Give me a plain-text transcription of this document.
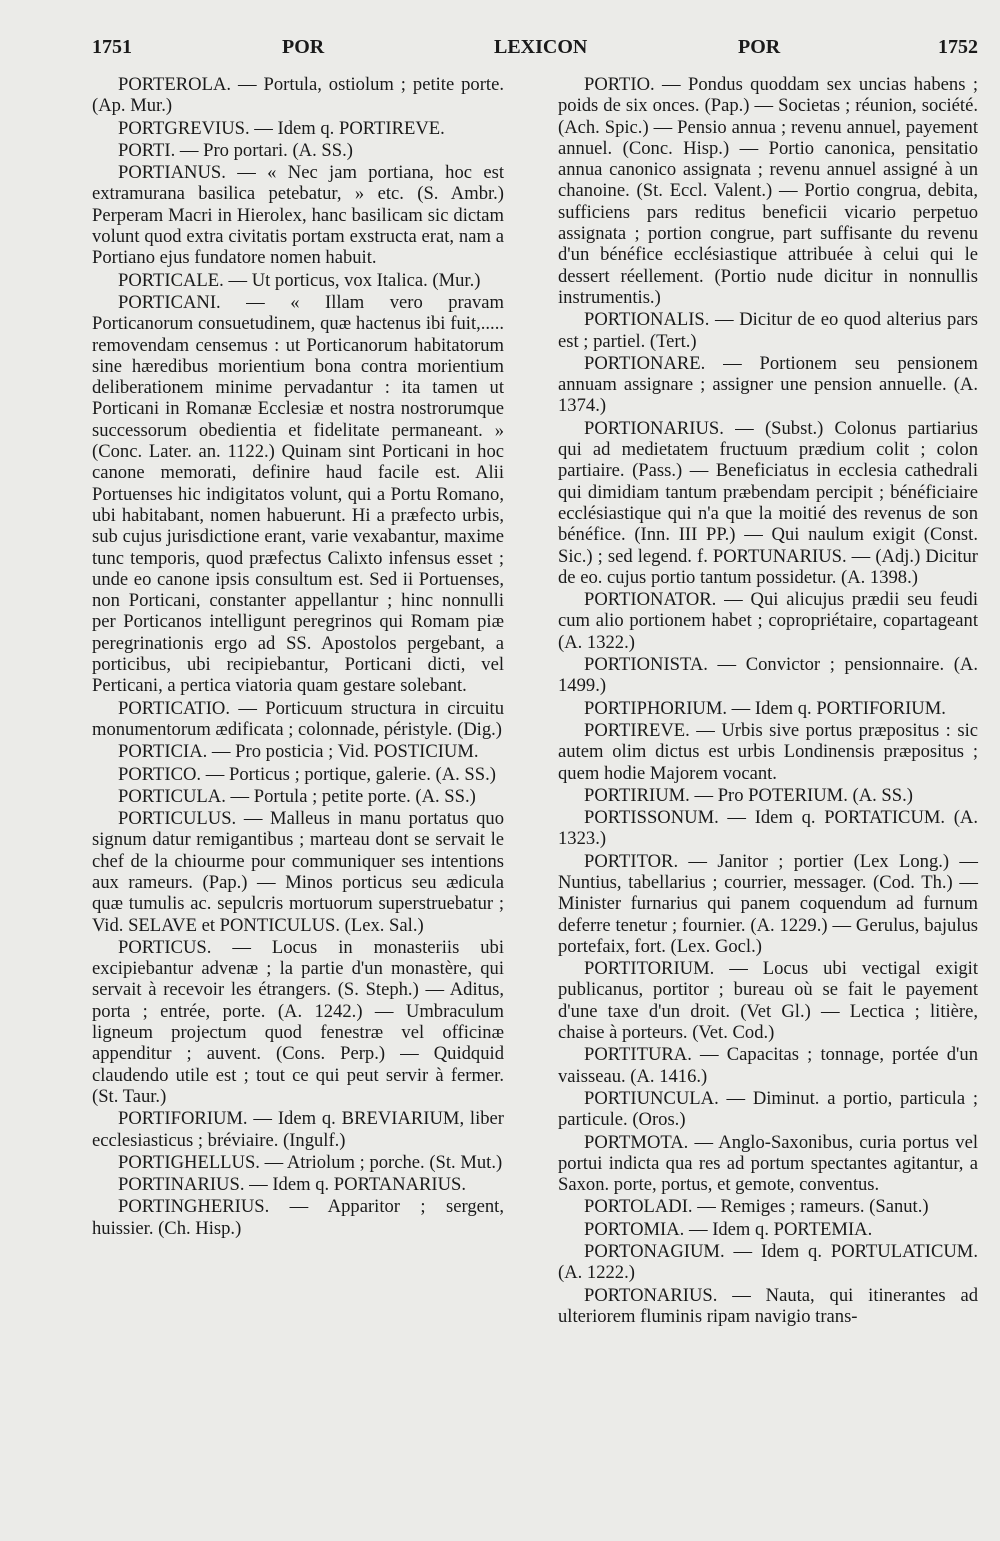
1751	POR	LEXICON	POR	1752

PORTEROLA. — Portula, ostiolum ; petite porte. (Ap. Mur.)

PORTGREVIUS. — Idem q. PORTIREVE.

PORTI. — Pro portari. (A. SS.)

PORTIANUS. — « Nec jam portiana, hoc est extramurana basilica petebatur, » etc. (S. Ambr.) Perperam Macri in Hierolex, hanc basilicam sic dictam volunt quod extra civitatis portam exstructa erat, nam a Portiano ejus fundatore nomen habuit.

PORTICALE. — Ut porticus, vox Italica. (Mur.)

PORTICANI. — « Illam vero pravam Porticanorum consuetudinem, quæ hactenus ibi fuit,..... removendam censemus : ut Porticanorum habitatorum sine hæredibus morientium bona contra morientium deliberationem minime pervadantur : ita tamen ut Porticani in Romanæ Ecclesiæ et nostra nostrorumque successorum obedientia et fidelitate permaneant. » (Conc. Later. an. 1122.) Quinam sint Porticani in hoc canone memorati, definire haud facile est. Alii Portuenses hic indigitatos volunt, qui a Portu Romano, ubi habitabant, nomen habuerunt. Hi a præfecto urbis, sub cujus jurisdictione erant, varie vexabantur, maxime tunc temporis, quod præfectus Calixto infensus esset ; unde eo canone ipsis consultum est. Sed ii Portuenses, non Porticani, constanter appellantur ; hinc nonnulli per Porticanos intelligunt peregrinos qui Romam piæ peregrinationis ergo ad SS. Apostolos pergebant, a porticibus, ubi recipiebantur, Porticani dicti, vel Perticani, a pertica viatoria quam gestare solebant.

PORTICATIO. — Porticuum structura in circuitu monumentorum ædificata ; colonnade, péristyle. (Dig.)

PORTICIA. — Pro posticia ; Vid. POSTICIUM.

PORTICO. — Porticus ; portique, galerie. (A. SS.)

PORTICULA. — Portula ; petite porte. (A. SS.)

PORTICULUS. — Malleus in manu portatus quo signum datur remigantibus ; marteau dont se servait le chef de la chiourme pour communiquer ses intentions aux rameurs. (Pap.) — Minos porticus seu ædicula quæ tumulis ac. sepulcris mortuorum superstruebatur ; Vid. SELAVE et PONTICULUS. (Lex. Sal.)

PORTICUS. — Locus in monasteriis ubi excipiebantur advenæ ; la partie d'un monastère, qui servait à recevoir les étrangers. (S. Steph.) — Aditus, porta ; entrée, porte. (A. 1242.) — Umbraculum ligneum projectum quod fenestræ vel officinæ appenditur ; auvent. (Cons. Perp.) — Quidquid claudendo utile est ; tout ce qui peut servir à fermer. (St. Taur.)

PORTIFORIUM. — Idem q. BREVIARIUM, liber ecclesiasticus ; bréviaire. (Ingulf.)

PORTIGHELLUS. — Atriolum ; porche. (St. Mut.)

PORTINARIUS. — Idem q. PORTANARIUS.

PORTINGHERIUS. — Apparitor ; sergent, huissier. (Ch. Hisp.)

PORTIO. — Pondus quoddam sex uncias habens ; poids de six onces. (Pap.) — Societas ; réunion, société. (Ach. Spic.) — Pensio annua ; revenu annuel, payement annuel. (Conc. Hisp.) — Portio canonica, pensitatio annua canonico assignata ; revenu annuel assigné à un chanoine. (St. Eccl. Valent.) — Portio congrua, debita, sufficiens pars reditus beneficii vicario perpetuo assignata ; portion congrue, part suffisante du revenu d'un bénéfice ecclésiastique attribuée à celui qui le dessert réellement. (Portio nude dicitur in nonnullis instrumentis.)

PORTIONALIS. — Dicitur de eo quod alterius pars est ; partiel. (Tert.)

PORTIONARE. — Portionem seu pensionem annuam assignare ; assigner une pension annuelle. (A. 1374.)

PORTIONARIUS. — (Subst.) Colonus partiarius qui ad medietatem fructuum prædium colit ; colon partiaire. (Pass.) — Beneficiatus in ecclesia cathedrali qui dimidiam tantum præbendam percipit ; bénéficiaire ecclésiastique qui n'a que la moitié des revenus de son bénéfice. (Inn. III PP.) — Qui naulum exigit (Const. Sic.) ; sed legend. f. PORTUNARIUS. — (Adj.) Dicitur de eo. cujus portio tantum possidetur. (A. 1398.)

PORTIONATOR. — Qui alicujus prædii seu feudi cum alio portionem habet ; copropriétaire, copartageant (A. 1322.)

PORTIONISTA. — Convictor ; pensionnaire. (A. 1499.)

PORTIPHORIUM. — Idem q. PORTIFORIUM.

PORTIREVE. — Urbis sive portus præpositus : sic autem olim dictus est urbis Londinensis præpositus ; quem hodie Majorem vocant.

PORTIRIUM. — Pro POTERIUM. (A. SS.)

PORTISSONUM. — Idem q. PORTATICUM. (A. 1323.)

PORTITOR. — Janitor ; portier (Lex Long.) — Nuntius, tabellarius ; courrier, messager. (Cod. Th.) — Minister furnarius qui panem coquendum ad furnum deferre tenetur ; fournier. (A. 1229.) — Gerulus, bajulus portefaix, fort. (Lex. Gocl.)

PORTITORIUM. — Locus ubi vectigal exigit publicanus, portitor ; bureau où se fait le payement d'une taxe d'un droit. (Vet Gl.) — Lectica ; litière, chaise à porteurs. (Vet. Cod.)

PORTITURA. — Capacitas ; tonnage, portée d'un vaisseau. (A. 1416.)

PORTIUNCULA. — Diminut. a portio, particula ; particule. (Oros.)

PORTMOTA. — Anglo-Saxonibus, curia portus vel portui indicta qua res ad portum spectantes agitantur, a Saxon. porte, portus, et gemote, conventus.

PORTOLADI. — Remiges ; rameurs. (Sanut.)

PORTOMIA. — Idem q. PORTEMIA.

PORTONAGIUM. — Idem q. PORTULATICUM. (A. 1222.)

PORTONARIUS. — Nauta, qui itinerantes ad ulteriorem fluminis ripam navigio trans-
